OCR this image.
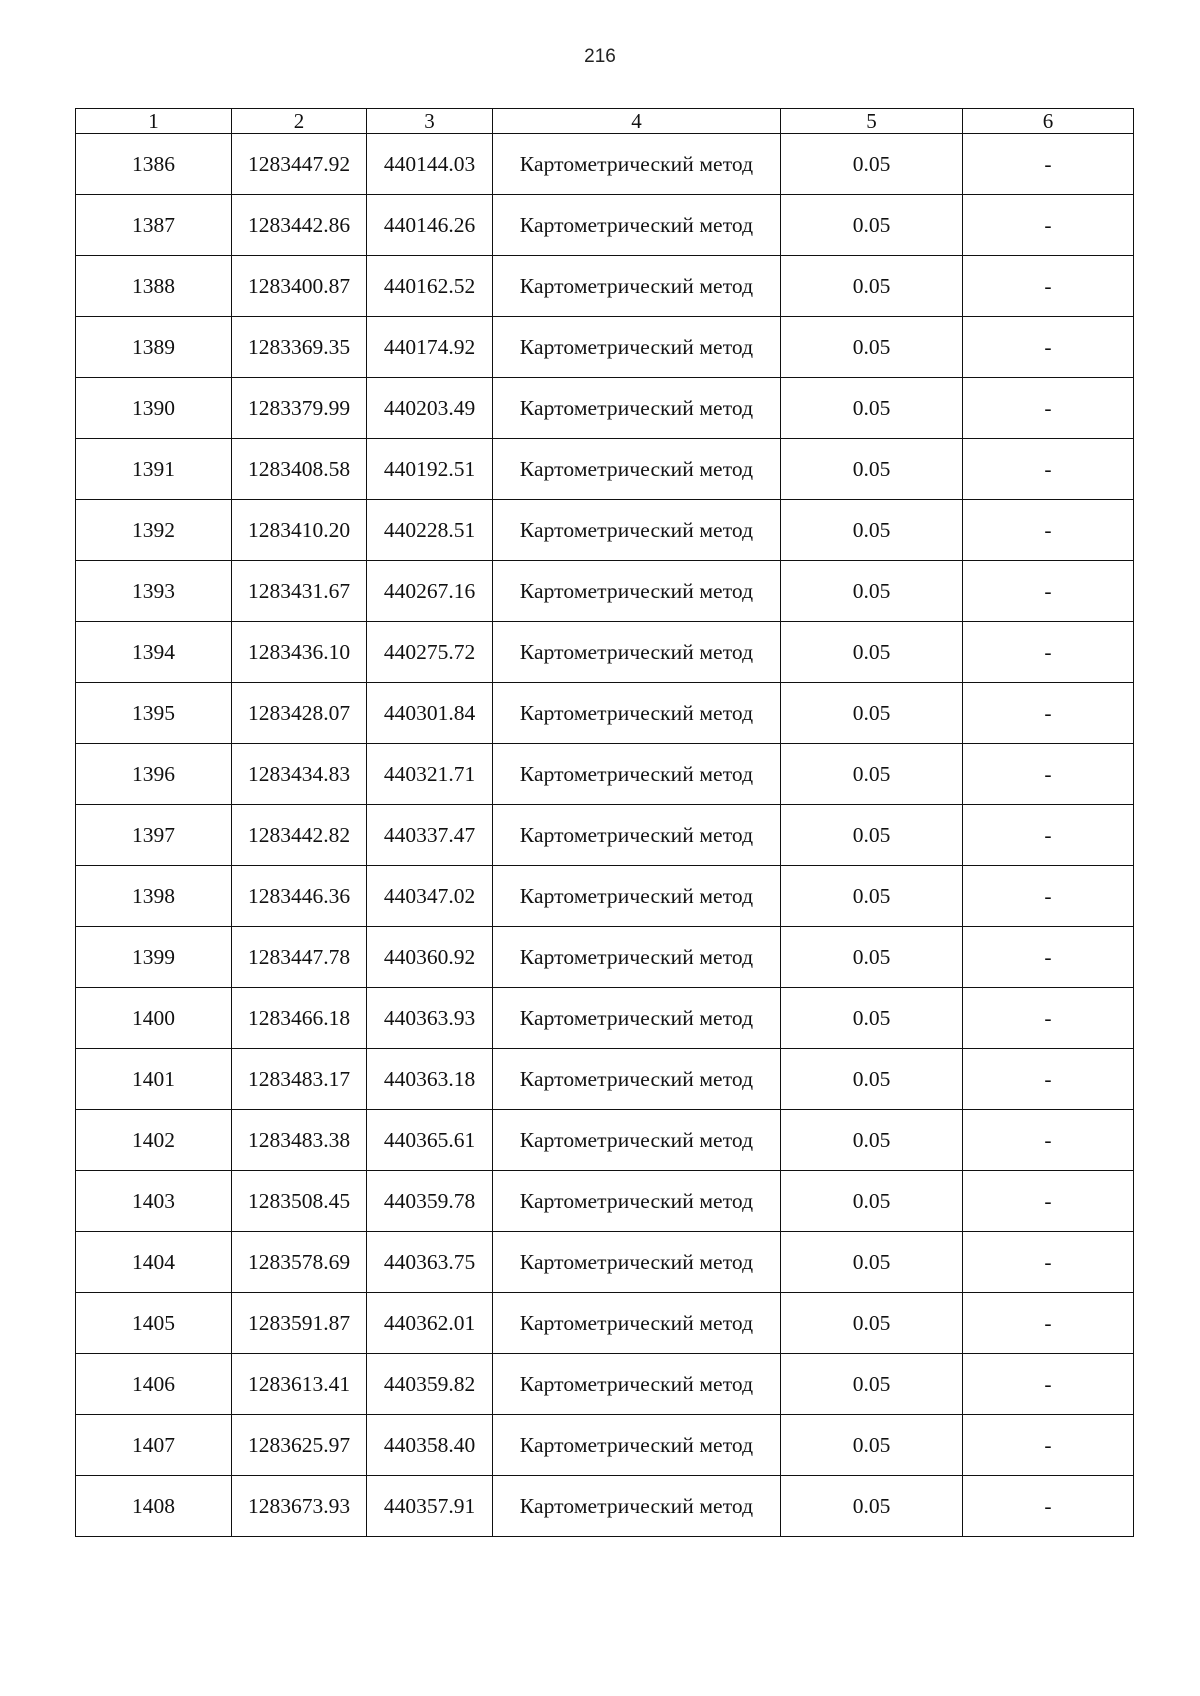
216
1	2	3	4	5	6
1386	1283447.92	440144.03	Картометрический метод	0.05	-
1387	1283442.86	440146.26	Картометрический метод	0.05	-
1388	1283400.87	440162.52	Картометрический метод	0.05	-
1389	1283369.35	440174.92	Картометрический метод	0.05	-
1390	1283379.99	440203.49	Картометрический метод	0.05	-
1391	1283408.58	440192.51	Картометрический метод	0.05	-
1392	1283410.20	440228.51	Картометрический метод	0.05	-
1393	1283431.67	440267.16	Картометрический метод	0.05	-
1394	1283436.10	440275.72	Картометрический метод	0.05	-
1395	1283428.07	440301.84	Картометрический метод	0.05	-
1396	1283434.83	440321.71	Картометрический метод	0.05	-
1397	1283442.82	440337.47	Картометрический метод	0.05	-
1398	1283446.36	440347.02	Картометрический метод	0.05	-
1399	1283447.78	440360.92	Картометрический метод	0.05	-
1400	1283466.18	440363.93	Картометрический метод	0.05	-
1401	1283483.17	440363.18	Картометрический метод	0.05	-
1402	1283483.38	440365.61	Картометрический метод	0.05	-
1403	1283508.45	440359.78	Картометрический метод	0.05	-
1404	1283578.69	440363.75	Картометрический метод	0.05	-
1405	1283591.87	440362.01	Картометрический метод	0.05	-
1406	1283613.41	440359.82	Картометрический метод	0.05	-
1407	1283625.97	440358.40	Картометрический метод	0.05	-
1408	1283673.93	440357.91	Картометрический метод	0.05	-
